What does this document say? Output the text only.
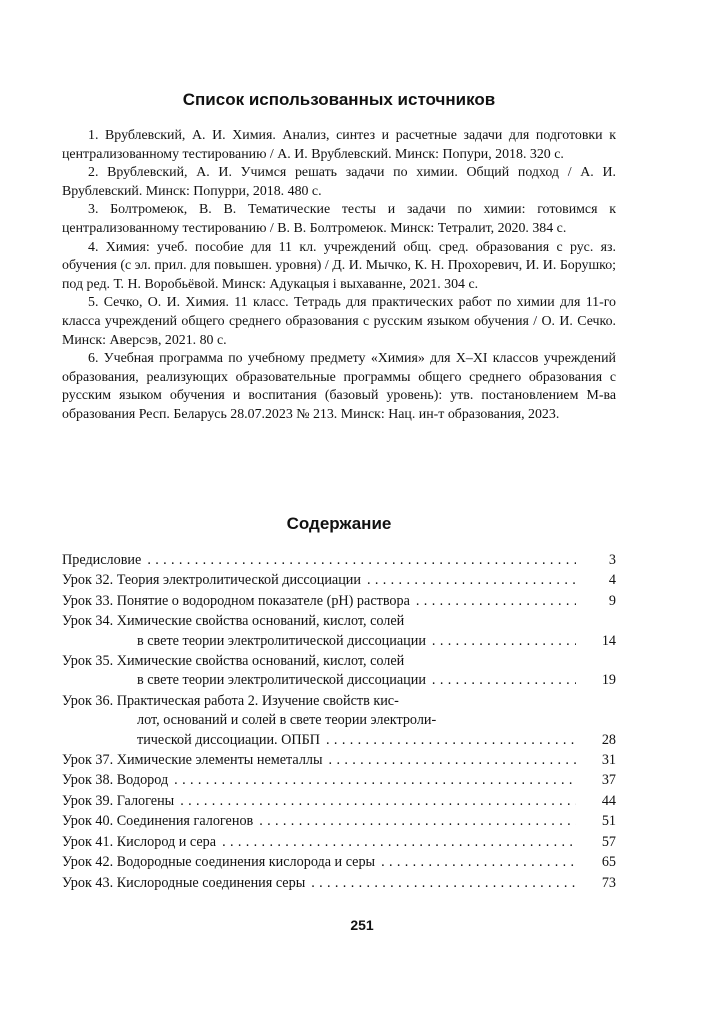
Список использованных источников

1. Врублевский, А. И. Химия. Анализ, синтез и расчетные задачи для подготовки к централизованному тестированию / А. И. Врублевский. Минск: Попури, 2018. 320 с.

2. Врублевский, А. И. Учимся решать задачи по химии. Общий подход / А. И. Врублевский. Минск: Попурри, 2018. 480 с.

3. Болтромеюк, В. В. Тематические тесты и задачи по химии: готовимся к централизованному тестированию / В. В. Болтромеюк. Минск: Тетралит, 2020. 384 с.

4. Химия: учеб. пособие для 11 кл. учреждений общ. сред. образования с рус. яз. обучения (с эл. прил. для повышен. уровня) / Д. И. Мычко, К. Н. Прохоревич, И. И. Борушко; под ред. Т. Н. Воробьёвой. Минск: Адукацыя і выхаванне, 2021. 304 с.

5. Сечко, О. И. Химия. 11 класс. Тетрадь для практических работ по химии для 11-го класса учреждений общего среднего образования с русским языком обучения / О. И. Сечко. Минск: Аверсэв, 2021. 80 с.

6. Учебная программа по учебному предмету «Химия» для X–XI классов учреждений образования, реализующих образовательные программы общего среднего образования с русским языком обучения и воспитания (базовый уровень): утв. постановлением М-ва образования Респ. Беларусь 28.07.2023 № 213. Минск: Нац. ин-т образования, 2023.

Содержание
Предисловие . . .	3
Урок 32. Теория электролитической диссоциации . . .	4
Урок 33. Понятие о водородном показателе (pH) раствора . . .	9
Урок 34. Химические свойства оснований, кислот, солей
в свете теории электролитической диссоциации . . .	14
Урок 35. Химические свойства оснований, кислот, солей
в свете теории электролитической диссоциации . . .	19
Урок 36. Практическая работа 2. Изучение свойств кис-
лот, оснований и солей в свете теории электроли-
тической диссоциации. ОПБП . . .	28
Урок 37. Химические элементы неметаллы . . .	31
Урок 38. Водород . . .	37
Урок 39. Галогены . . .	44
Урок 40. Соединения галогенов . . .	51
Урок 41. Кислород и сера . . .	57
Урок 42. Водородные соединения кислорода и серы . . .	65
Урок 43. Кислородные соединения серы . . .	73
251
